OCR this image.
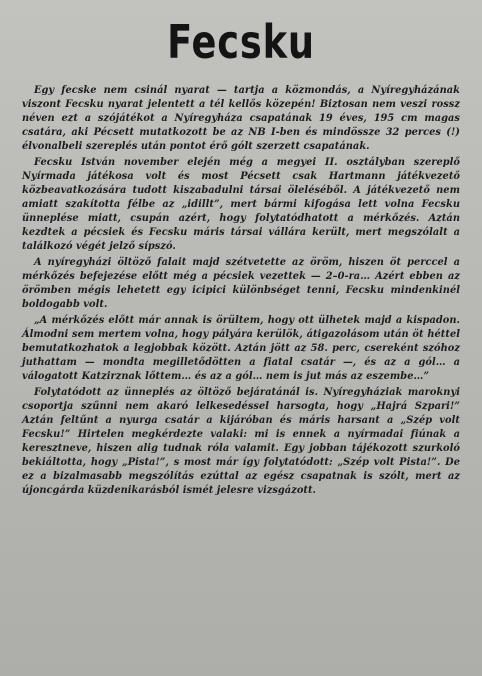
Fecsku

Egy fecske nem csinál nyarat — tartja a közmondás, a Nyíregyházának viszont Fecsku nyarat jelentett a tél kellős közepén! Biztosan nem veszi rossz néven ezt a szójátékot a Nyíregyháza csapatának 19 éves, 195 cm magas csatára, aki Pécsett mutatkozott be az NB I-ben és mindössze 32 perces (!) élvonalbeli szereplés után pontot érő gólt szerzett csapatának.

Fecsku István november elején még a megyei II. osztályban szereplő Nyírmada játékosa volt és most Pécsett csak Hartmann játékvezető közbeavatkozására tudott kiszabadulni társai öleléséből. A játékvezető nem amiatt szakította félbe az „idillt”, mert bármi kifogása lett volna Fecsku ünneplése miatt, csupán azért, hogy folytatódhatott a mérkőzés. Aztán kezdtek a pécsiek és Fecsku máris társai vállára került, mert megszólalt a találkozó végét jelző sípszó.

A nyíregyházi öltöző falait majd szétvetette az öröm, hiszen öt perccel a mérkőzés befejezése előtt még a pécsiek vezettek — 2–0-ra… Azért ebben az örömben mégis lehetett egy icipici különbséget tenni, Fecsku mindenkinél boldogabb volt.

„A mérkőzés előtt már annak is örültem, hogy ott ülhetek majd a kispadon. Álmodni sem mertem volna, hogy pályára kerülök, átigazolásom után öt héttel bemutatkozhatok a legjobbak között. Aztán jött az 58. perc, csereként szóhoz juthattam — mondta megilletődötten a fiatal csatár —, és az a gól… a válogatott Katzirznak lőttem… és az a gól… nem is jut más az eszembe…”

Folytatódott az ünneplés az öltöző bejáratánál is. Nyíregyháziak maroknyi csoportja szűnni nem akaró lelkesedéssel harsogta, hogy „Hajrá Szpari!” Aztán feltűnt a nyurga csatár a kijáróban és máris harsant a „Szép volt Fecsku!” Hirtelen megkérdezte valaki: mi is ennek a nyírmadai fiúnak a keresztneve, hiszen alig tudnak róla valamit. Egy jobban tájékozott szurkoló bekiáltotta, hogy „Pista!”, s most már így folytatódott: „Szép volt Pista!”. De ez a bizalmasabb megszólítás ezúttal az egész csapatnak is szólt, mert az újoncgárda küzdenikarásból ismét jelesre vizsgázott.
